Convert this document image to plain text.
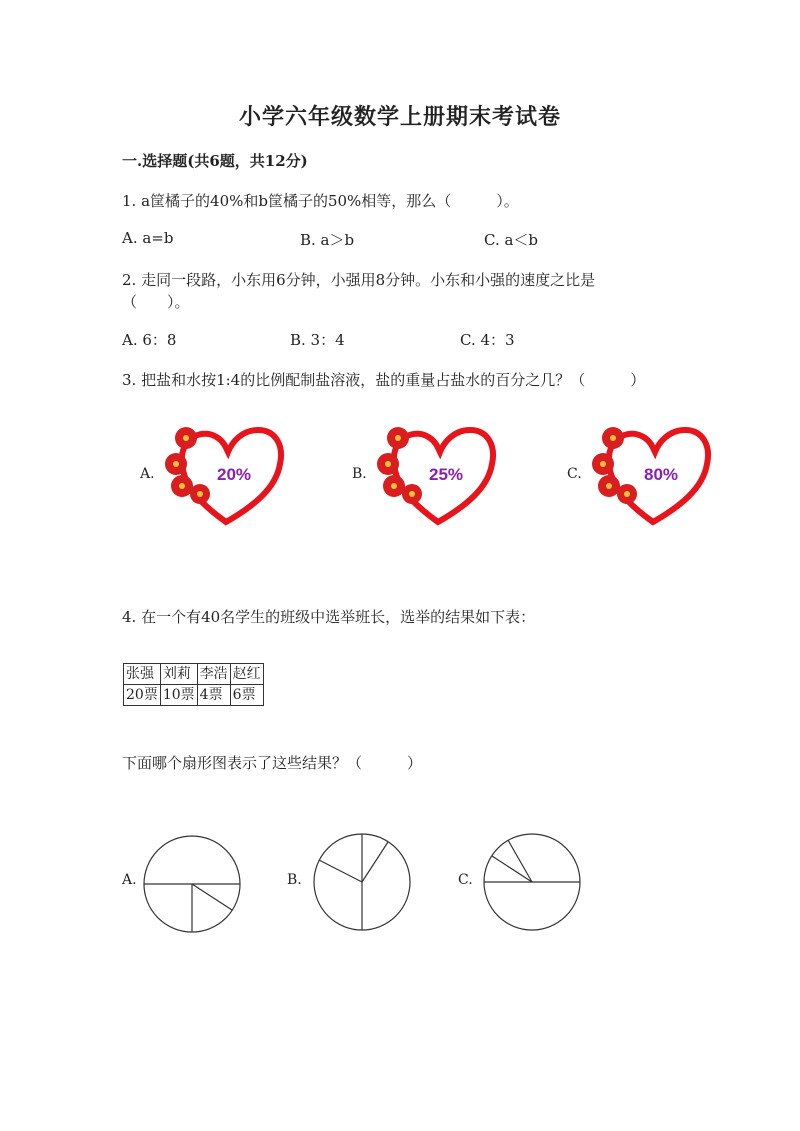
小学六年级数学上册期末考试卷
一.选择题(共6题，共12分)
1. a筐橘子的40%和b筐橘子的50%相等，那么（　　　）。
A. a=b	B. a＞b	C. a＜b
2. 走同一段路，小东用6分钟，小强用8分钟。小东和小强的速度之比是
（　　）。
A. 6：8	B. 3：4	C. 4：3
3. 把盐和水按1:4的比例配制盐溶液，盐的重量占盐水的百分之几？（　　　）
A.	20%	B.	25%	C.	80%
4. 在一个有40名学生的班级中选举班长，选举的结果如下表：
张强	刘莉	李浩	赵红
20票	10票	4票	6票
下面哪个扇形图表示了这些结果？（　　　）
A.	B.	C.
